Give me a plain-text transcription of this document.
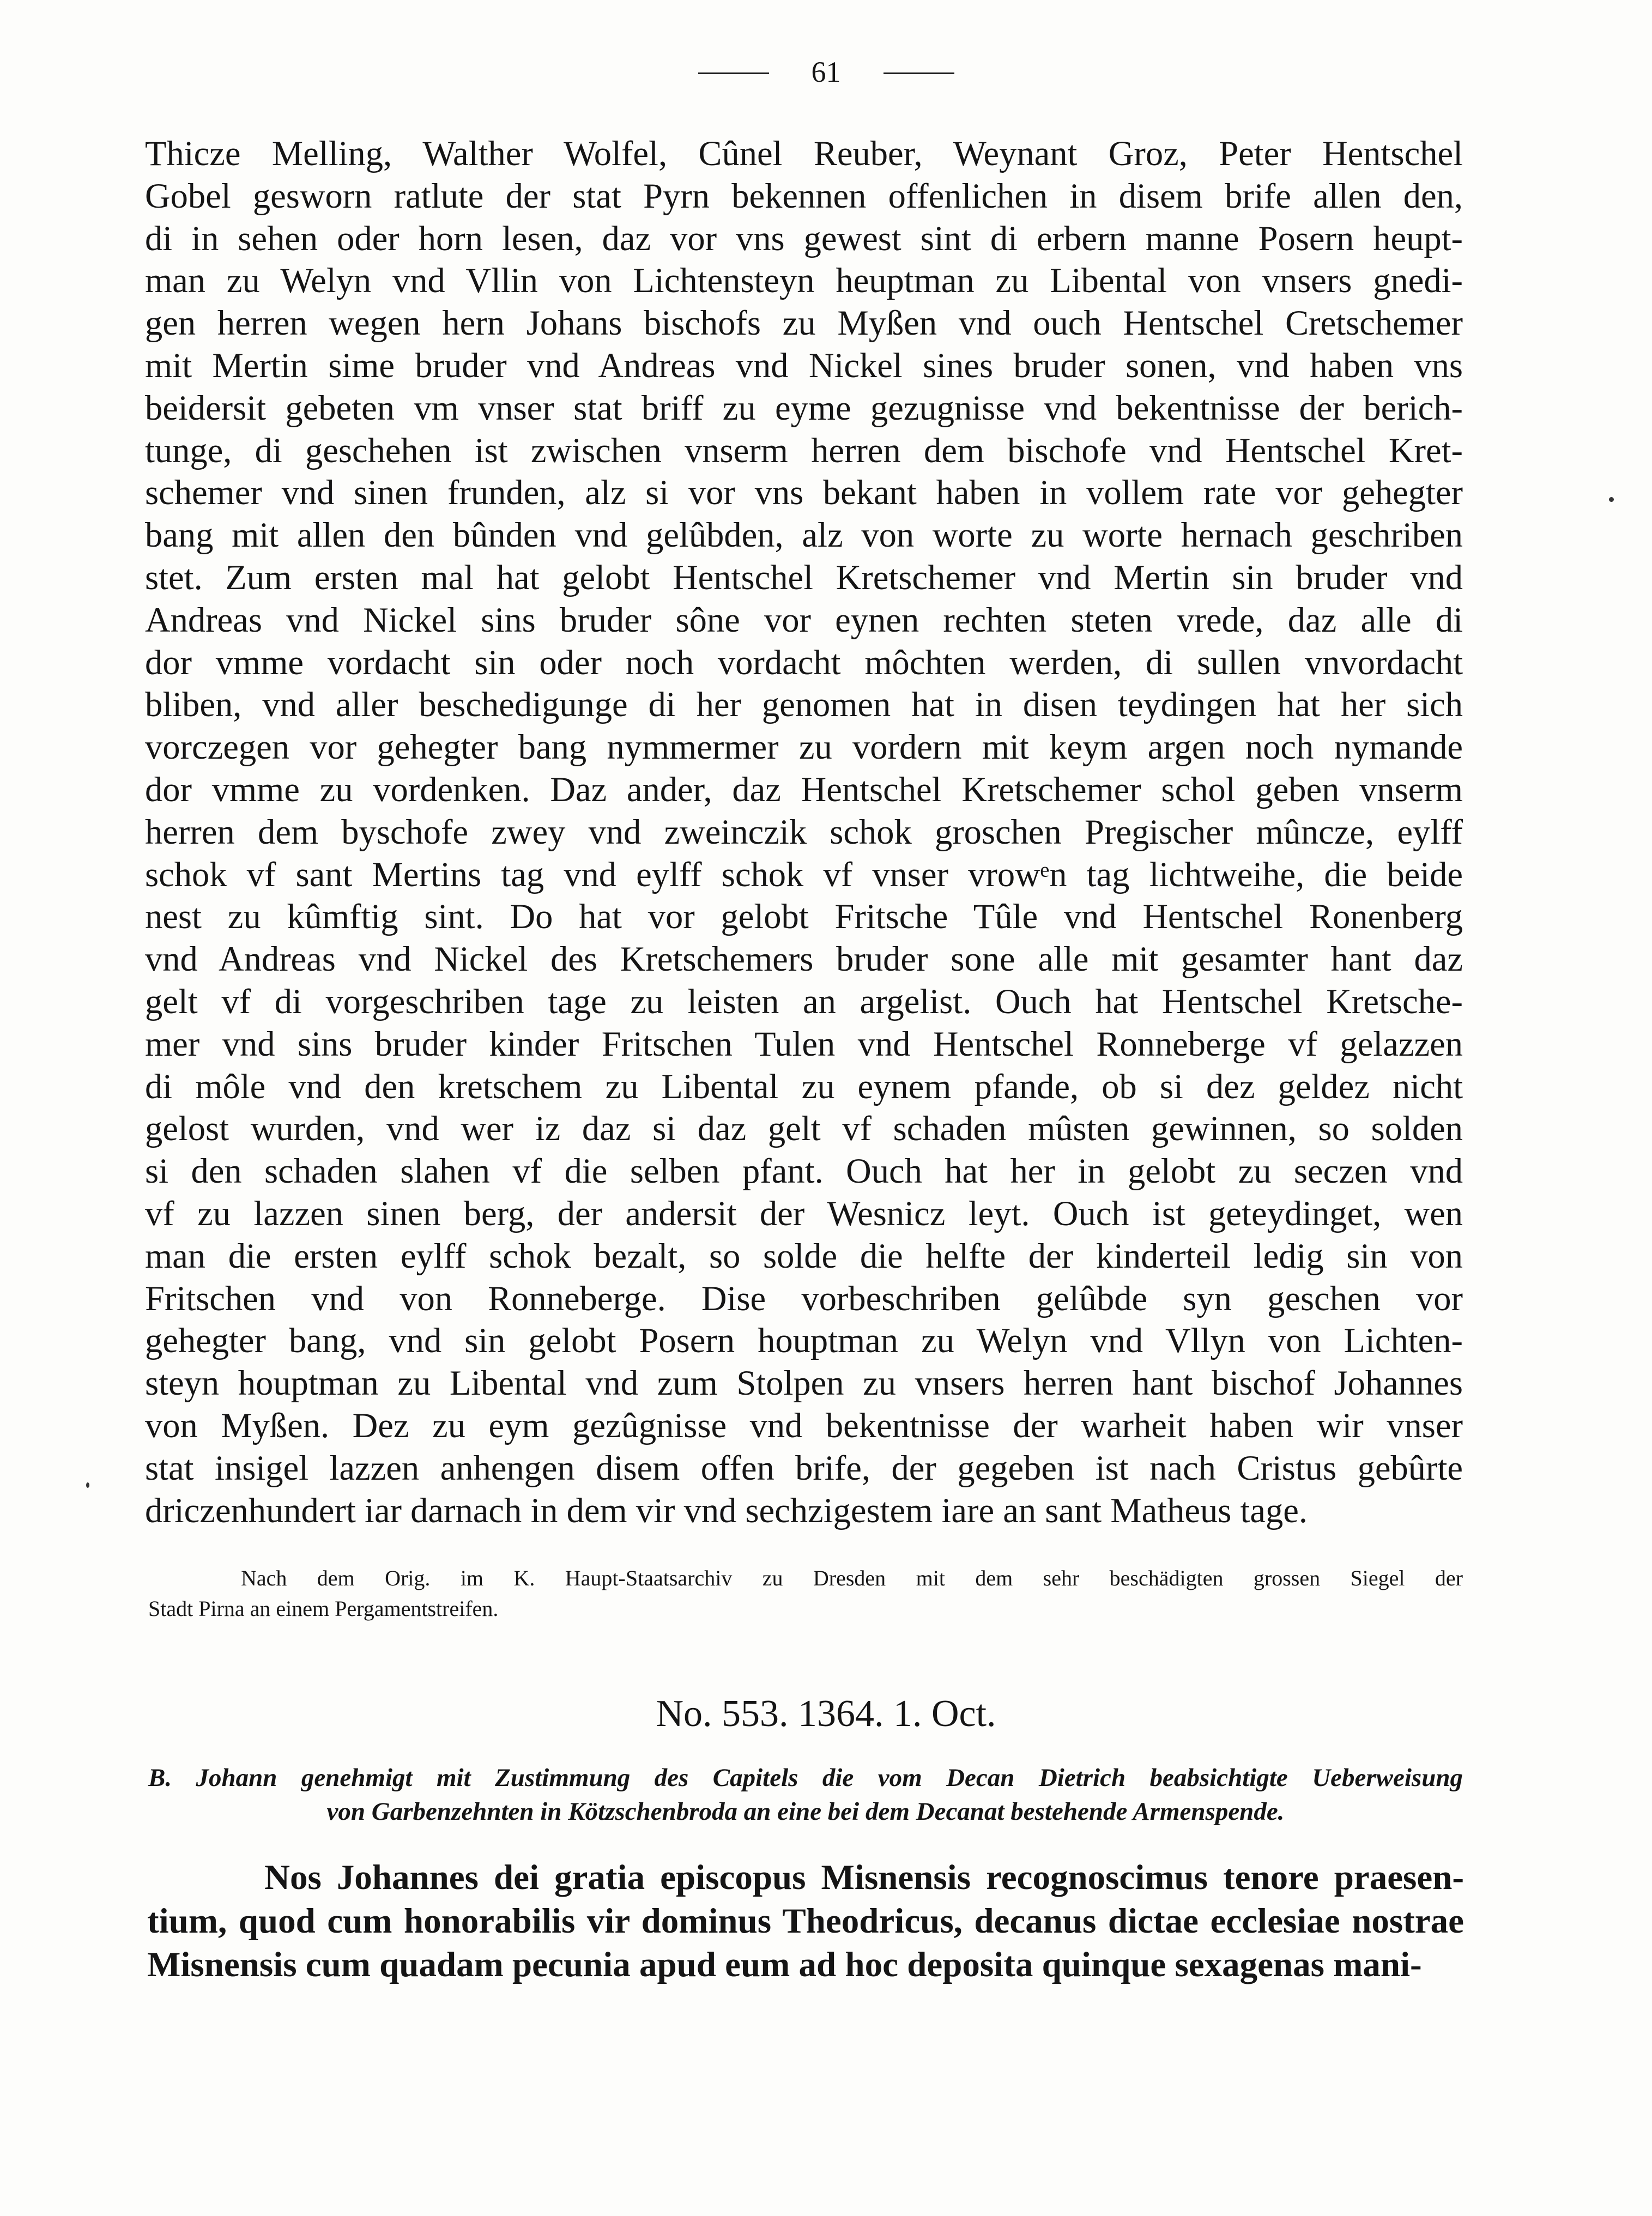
61
Thicze Melling, Walther Wolfel, Cûnel Reuber, Weynant Groz, Peter Hentschel
Gobel gesworn ratlute der stat Pyrn bekennen offenlichen in disem brife allen den,
di in sehen oder horn lesen, daz vor vns gewest sint di erbern manne Posern heupt-
man zu Welyn vnd Vllin von Lichtensteyn heuptman zu Libental von vnsers gnedi-
gen herren wegen hern Johans bischofs zu Myßen vnd ouch Hentschel Cretschemer
mit Mertin sime bruder vnd Andreas vnd Nickel sines bruder sonen, vnd haben vns
beidersit gebeten vm vnser stat briff zu eyme gezugnisse vnd bekentnisse der berich-
tunge, di geschehen ist zwischen vnserm herren dem bischofe vnd Hentschel Kret-
schemer vnd sinen frunden, alz si vor vns bekant haben in vollem rate vor gehegter
bang mit allen den bûnden vnd gelûbden, alz von worte zu worte hernach geschriben
stet. Zum ersten mal hat gelobt Hentschel Kretschemer vnd Mertin sin bruder vnd
Andreas vnd Nickel sins bruder sône vor eynen rechten steten vrede, daz alle di
dor vmme vordacht sin oder noch vordacht môchten werden, di sullen vnvordacht
bliben, vnd aller beschedigunge di her genomen hat in disen teydingen hat her sich
vorczegen vor gehegter bang nymmermer zu vordern mit keym argen noch nymande
dor vmme zu vordenken. Daz ander, daz Hentschel Kretschemer schol geben vnserm
herren dem byschofe zwey vnd zweinczik schok groschen Pregischer mûncze, eylff
schok vf sant Mertins tag vnd eylff schok vf vnser vrowᵉn tag lichtweihe, die beide
nest zu kûmftig sint. Do hat vor gelobt Fritsche Tûle vnd Hentschel Ronenberg
vnd Andreas vnd Nickel des Kretschemers bruder sone alle mit gesamter hant daz
gelt vf di vorgeschriben tage zu leisten an argelist. Ouch hat Hentschel Kretsche-
mer vnd sins bruder kinder Fritschen Tulen vnd Hentschel Ronneberge vf gelazzen
di môle vnd den kretschem zu Libental zu eynem pfande, ob si dez geldez nicht
gelost wurden, vnd wer iz daz si daz gelt vf schaden mûsten gewinnen, so solden
si den schaden slahen vf die selben pfant. Ouch hat her in gelobt zu seczen vnd
vf zu lazzen sinen berg, der andersit der Wesnicz leyt. Ouch ist geteydinget, wen
man die ersten eylff schok bezalt, so solde die helfte der kinderteil ledig sin von
Fritschen vnd von Ronneberge. Dise vorbeschriben gelûbde syn geschen vor
gehegter bang, vnd sin gelobt Posern houptman zu Welyn vnd Vllyn von Lichten-
steyn houptman zu Libental vnd zum Stolpen zu vnsers herren hant bischof Johannes
von Myßen. Dez zu eym gezûgnisse vnd bekentnisse der warheit haben wir vnser
stat insigel lazzen anhengen disem offen brife, der gegeben ist nach Cristus gebûrte
driczenhundert iar darnach in dem vir vnd sechzigestem iare an sant Matheus tage.
Nach dem Orig. im K. Haupt-Staatsarchiv zu Dresden mit dem sehr beschädigten grossen Siegel der
Stadt Pirna an einem Pergamentstreifen.
No. 553. 1364. 1. Oct.
B. Johann genehmigt mit Zustimmung des Capitels die vom Decan Dietrich beabsichtigte Ueberweisung
von Garbenzehnten in Kötzschenbroda an eine bei dem Decanat bestehende Armenspende.
Nos Johannes dei gratia episcopus Misnensis recognoscimus tenore praesen-
tium, quod cum honorabilis vir dominus Theodricus, decanus dictae ecclesiae nostrae
Misnensis cum quadam pecunia apud eum ad hoc deposita quinque sexagenas mani-
